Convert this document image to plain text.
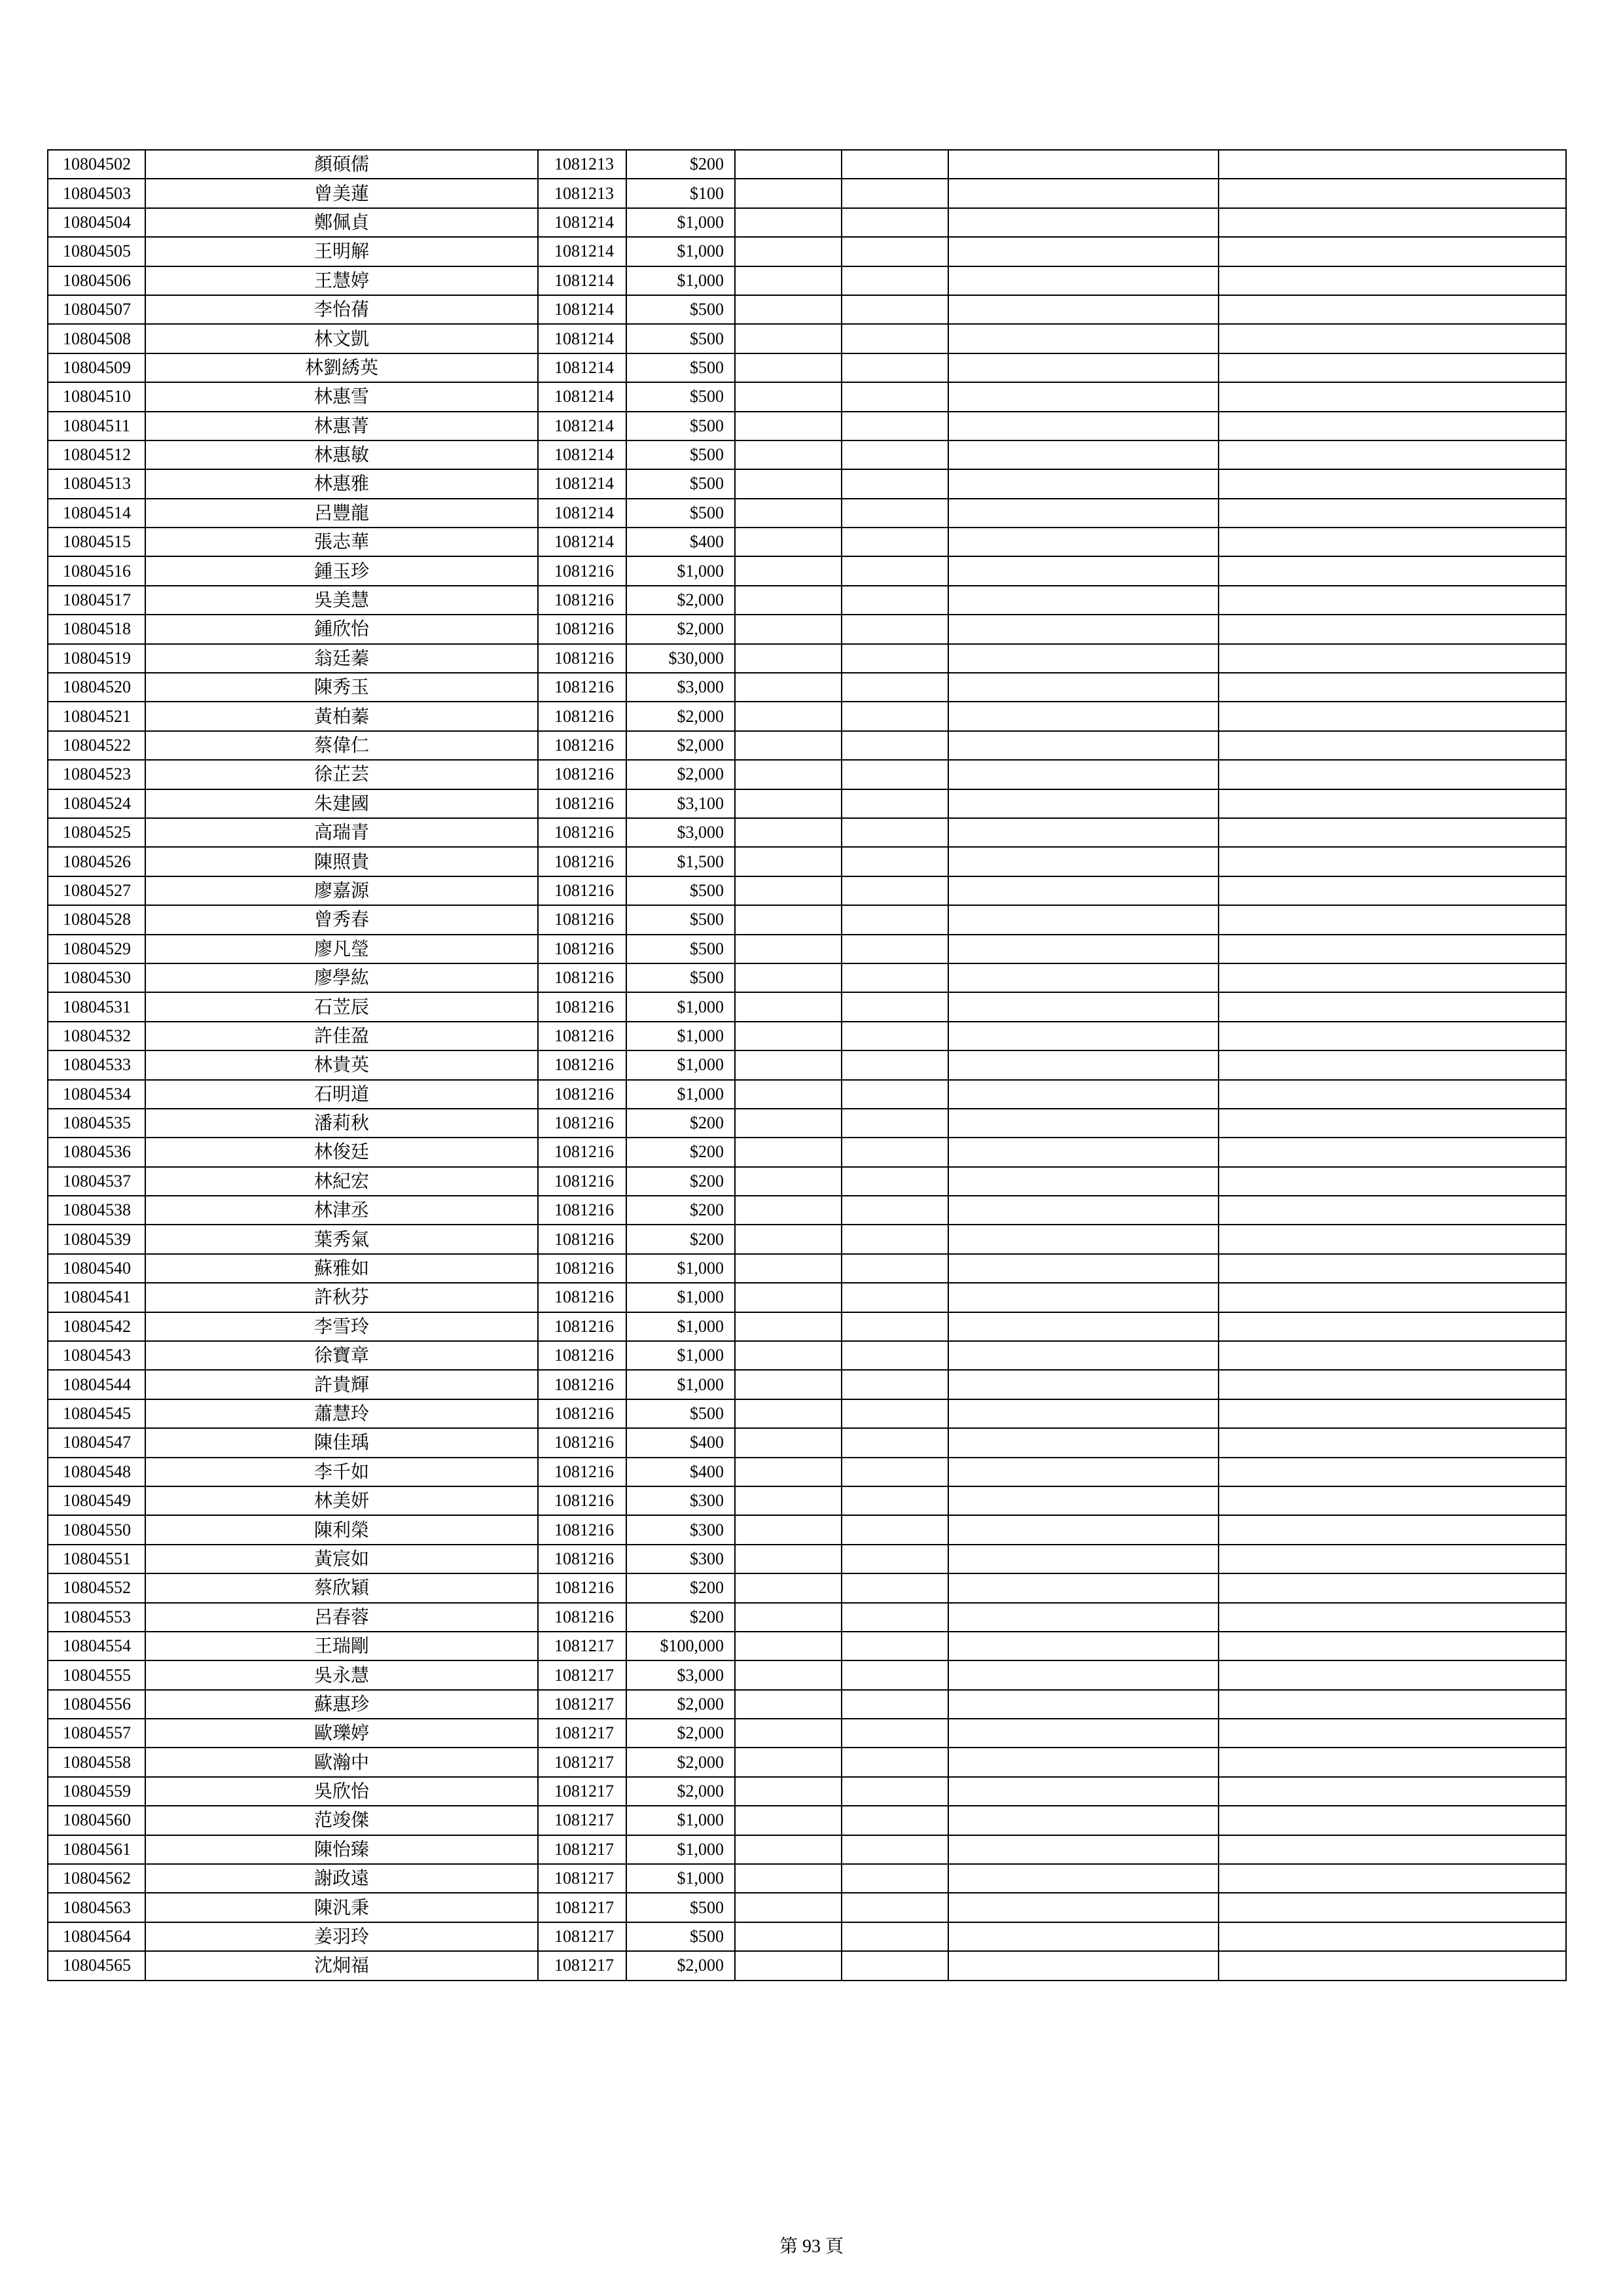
10804502	顏碩儒	1081213	$200				
10804503	曾美蓮	1081213	$100				
10804504	鄭佩貞	1081214	$1,000				
10804505	王明解	1081214	$1,000				
10804506	王慧婷	1081214	$1,000				
10804507	李怡蒨	1081214	$500				
10804508	林文凱	1081214	$500				
10804509	林劉綉英	1081214	$500				
10804510	林惠雪	1081214	$500				
10804511	林惠菁	1081214	$500				
10804512	林惠敏	1081214	$500				
10804513	林惠雅	1081214	$500				
10804514	呂豐龍	1081214	$500				
10804515	張志華	1081214	$400				
10804516	鍾玉珍	1081216	$1,000				
10804517	吳美慧	1081216	$2,000				
10804518	鍾欣怡	1081216	$2,000				
10804519	翁廷蓁	1081216	$30,000				
10804520	陳秀玉	1081216	$3,000				
10804521	黃柏蓁	1081216	$2,000				
10804522	蔡偉仁	1081216	$2,000				
10804523	徐芷芸	1081216	$2,000				
10804524	朱建國	1081216	$3,100				
10804525	高瑞青	1081216	$3,000				
10804526	陳照貴	1081216	$1,500				
10804527	廖嘉源	1081216	$500				
10804528	曾秀春	1081216	$500				
10804529	廖凡瑩	1081216	$500				
10804530	廖學紘	1081216	$500				
10804531	石苙辰	1081216	$1,000				
10804532	許佳盈	1081216	$1,000				
10804533	林貴英	1081216	$1,000				
10804534	石明道	1081216	$1,000				
10804535	潘莉秋	1081216	$200				
10804536	林俊廷	1081216	$200				
10804537	林紀宏	1081216	$200				
10804538	林津丞	1081216	$200				
10804539	葉秀氣	1081216	$200				
10804540	蘇雅如	1081216	$1,000				
10804541	許秋芬	1081216	$1,000				
10804542	李雪玲	1081216	$1,000				
10804543	徐寶章	1081216	$1,000				
10804544	許貴輝	1081216	$1,000				
10804545	蕭慧玲	1081216	$500				
10804547	陳佳瑀	1081216	$400				
10804548	李千如	1081216	$400				
10804549	林美妍	1081216	$300				
10804550	陳利榮	1081216	$300				
10804551	黃宸如	1081216	$300				
10804552	蔡欣穎	1081216	$200				
10804553	呂春蓉	1081216	$200				
10804554	王瑞剛	1081217	$100,000				
10804555	吳永慧	1081217	$3,000				
10804556	蘇惠珍	1081217	$2,000				
10804557	歐瓅婷	1081217	$2,000				
10804558	歐瀚中	1081217	$2,000				
10804559	吳欣怡	1081217	$2,000				
10804560	范竣傑	1081217	$1,000				
10804561	陳怡臻	1081217	$1,000				
10804562	謝政遠	1081217	$1,000				
10804563	陳汎秉	1081217	$500				
10804564	姜羽玲	1081217	$500				
10804565	沈炯福	1081217	$2,000				
第 93 頁
